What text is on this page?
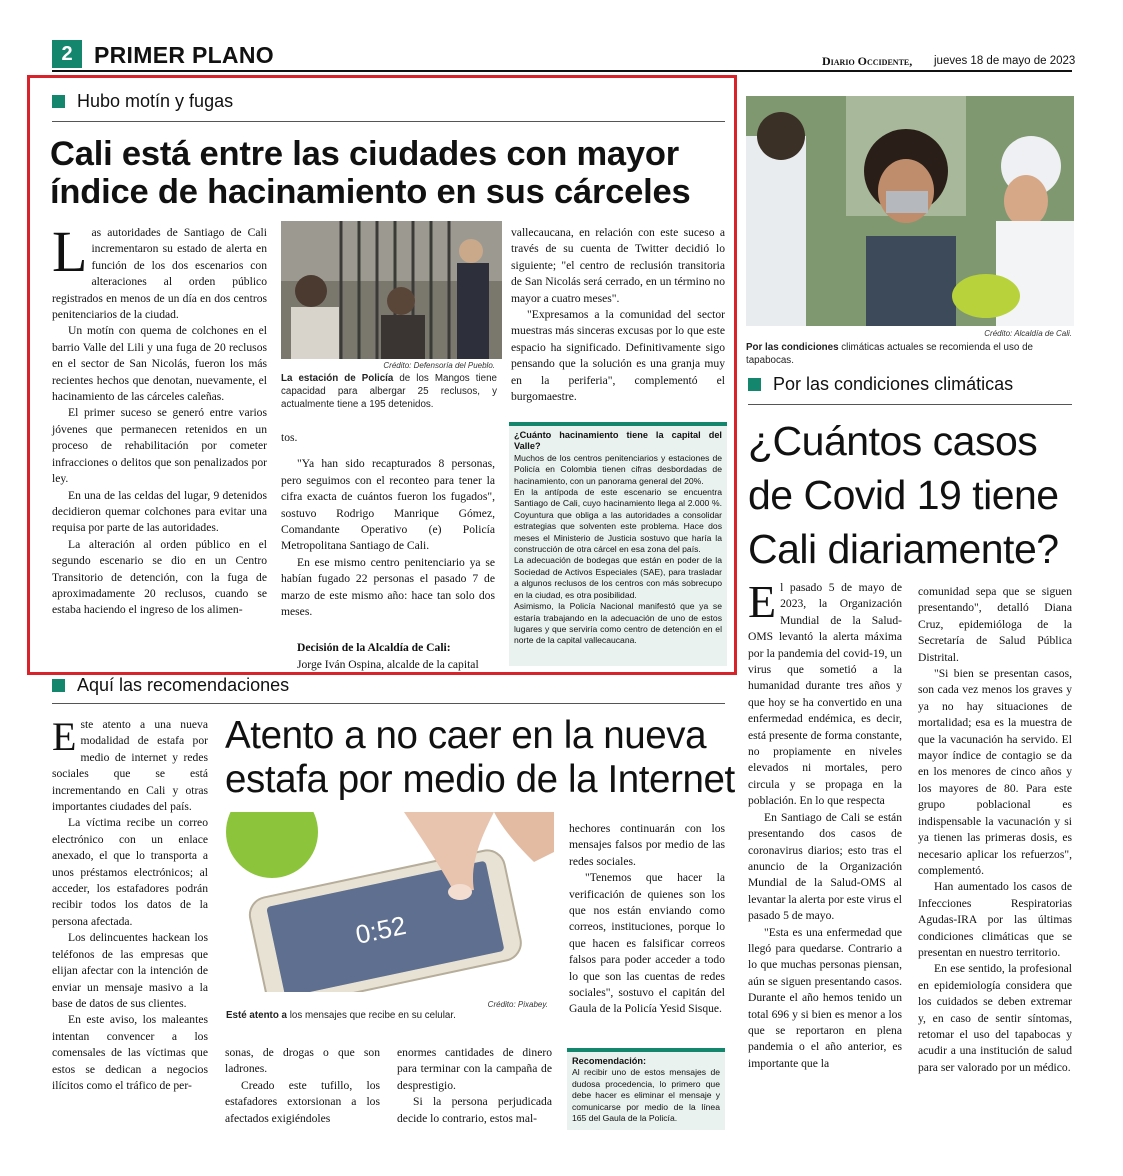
2 PRIMER PLANO	Diario Occidente, jueves 18 de mayo de 2023
Hubo motín y fugas
Cali está entre las ciudades con mayor índice de hacinamiento en sus cárceles

Las autoridades de Santiago de Cali incrementaron su estado de alerta en función de los dos escenarios con alteraciones al orden público registrados en menos de un día en dos centros penitenciarios de la ciudad.

Un motín con quema de colchones en el barrio Valle del Lili y una fuga de 20 reclusos en el sector de San Nicolás, fueron los más recientes hechos que denotan, nuevamente, el hacinamiento de las cárceles caleñas.

El primer suceso se generó entre varios jóvenes que permanecen retenidos en un proceso de rehabilitación por cometer infracciones o delitos que son penalizados por ley.

En una de las celdas del lugar, 9 detenidos decidieron quemar colchones para evitar una requisa por parte de las autoridades.

La alteración al orden público en el segundo escenario se dio en un Centro Transitorio de detención, con la fuga de aproximadamente 20 reclusos, cuando se estaba haciendo el ingreso de los alimen-

Crédito: Defensoría del Pueblo.
La estación de Policía de los Mangos tiene capacidad para albergar 25 reclusos, y actualmente tiene a 195 detenidos.

tos.

"Ya han sido recapturados 8 personas, pero seguimos con el reconteo para tener la cifra exacta de cuántos fueron los fugados", sostuvo Rodrigo Manrique Gómez, Comandante Operativo (e) Policía Metropolitana Santiago de Cali.

En ese mismo centro penitenciario ya se habían fugado 22 personas el pasado 7 de marzo de este mismo año: hace tan solo dos meses.

Decisión de la Alcaldía de Cali:

Jorge Iván Ospina, alcalde de la capital

vallecaucana, en relación con este suceso a través de su cuenta de Twitter decidió lo siguiente; "el centro de reclusión transitoria de San Nicolás será cerrado, en un término no mayor a cuatro meses".

"Expresamos a la comunidad del sector muestras más sinceras excusas por lo que este espacio ha significado. Definitivamente sigo pensando que la solución es una granja muy en la periferia", complementó el burgomaestre.

¿Cuánto hacinamiento tiene la capital del Valle?
Muchos de los centros penitenciarios y estaciones de Policía en Colombia tienen cifras desbordadas de hacinamiento, con un panorama general del 20%.
En la antípoda de este escenario se encuentra Santiago de Cali, cuyo hacinamiento llega al 2.000 %. Coyuntura que obliga a las autoridades a consolidar estrategias que solventen este problema. Hace dos meses el Ministerio de Justicia sostuvo que haría la construcción de otra cárcel en esa zona del país.
La adecuación de bodegas que están en poder de la Sociedad de Activos Especiales (SAE), para trasladar a algunos reclusos de los centros con más sobrecupo en la ciudad, es otra posibilidad.
Asimismo, la Policía Nacional manifestó que ya se estaría trabajando en la adecuación de uno de estos lugares y que serviría como centro de detención en el norte de la capital vallecaucana.
Crédito: Alcaldía de Cali.
Por las condiciones climáticas actuales se recomienda el uso de tapabocas.
Por las condiciones climáticas
¿Cuántos casos de Covid 19 tiene Cali diariamente?

El pasado 5 de mayo de 2023, la Organización Mundial de la Salud-OMS levantó la alerta máxima por la pandemia del covid-19, un virus que sometió a la humanidad durante tres años y que hoy se ha convertido en una enfermedad endémica, es decir, está presente de forma constante, no propiamente en niveles elevados ni mortales, pero circula y se propaga en la población. En lo que respecta

En Santiago de Cali se están presentando dos casos de coronavirus diarios; esto tras el anuncio de la Organización Mundial de la Salud-OMS al levantar la alerta por este virus el pasado 5 de mayo.

"Esta es una enfermedad que llegó para quedarse. Contrario a lo que muchas personas piensan, aún se siguen presentando casos. Durante el año hemos tenido un total 696 y si bien es menor a los que se reportaron en plena pandemia o el año anterior, es importante que la

comunidad sepa que se siguen presentando", detalló Diana Cruz, epidemióloga de la Secretaría de Salud Pública Distrital.

"Si bien se presentan casos, son cada vez menos los graves y ya no hay situaciones de mortalidad; esa es la muestra de que la vacunación ha servido. El mayor índice de contagio se da en los menores de cinco años y los mayores de 80. Para este grupo poblacional es indispensable la vacunación y si ya tienen las primeras dosis, es necesario aplicar los refuerzos", complementó.

Han aumentado los casos de Infecciones Respiratorias Agudas-IRA por las últimas condiciones climáticas que se presentan en nuestro territorio.

En ese sentido, la profesional en epidemiología considera que los cuidados se deben extremar y, en caso de sentir síntomas, retomar el uso del tapabocas y acudir a una institución de salud para ser valorado por un médico.

Aquí las recomendaciones

Este atento a una nueva modalidad de estafa por medio de internet y redes sociales que se está incrementando en Cali y otras importantes ciudades del país.

La víctima recibe un correo electrónico con un enlace anexado, el que lo transporta a unos préstamos electrónicos; al acceder, los estafadores podrán recibir todos los datos de la persona afectada.

Los delincuentes hackean los teléfonos de las empresas que elijan afectar con la intención de enviar un mensaje masivo a la base de datos de sus clientes.

En este aviso, los maleantes intentan convencer a los comensales de las víctimas que estos se dedican a negocios ilícitos como el tráfico de per-

Atento a no caer en la nueva estafa por medio de la Internet
0:52
Crédito: Pixabey.
Esté atento a los mensajes que recibe en su celular.

sonas, de drogas o que son ladrones.

Creado este tufillo, los estafadores extorsionan a los afectados exigiéndoles

enormes cantidades de dinero para terminar con la campaña de desprestigio.

Si la persona perjudicada decide lo contrario, estos mal-

hechores continuarán con los mensajes falsos por medio de las redes sociales.

"Tenemos que hacer la verificación de quienes son los que nos están enviando como correos, instituciones, porque lo que hacen es falsificar correos falsos para poder acceder a todo lo que son las cuentas de redes sociales", sostuvo el capitán del Gaula de la Policía Yesid Sisque.

Recomendación:
Al recibir uno de estos mensajes de dudosa procedencia, lo primero que debe hacer es eliminar el mensaje y comunicarse por medio de la línea 165 del Gaula de la Policía.
